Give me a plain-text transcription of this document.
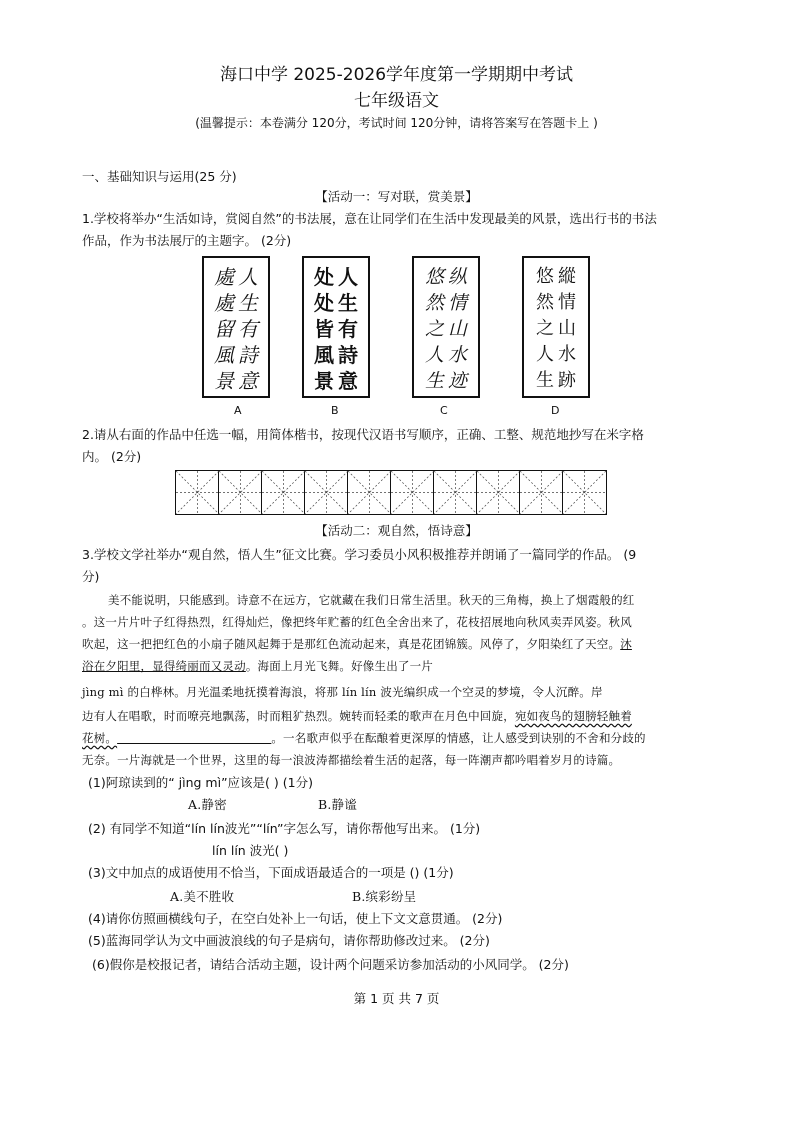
海口中学 2025-2026学年度第一学期期中考试
七年级语文
(温馨提示：本卷满分 120分，考试时间 120分钟，请将答案写在答题卡上 )
一、基础知识与运用(25 分)
【活动一：写对联，赏美景】
1.学校将举办“生活如诗，赏阅自然”的书法展，意在让同学们在生活中发现最美的风景，选出行书的书法
作品，作为书法展厅的主题字。 (2分)
人
生
有
詩
意
處
處
留
風
景
人
生
有
詩
意
处
处
皆
風
景
纵
情
山
水
迹
悠
然
之
人
生
縱
情
山
水
跡
悠
然
之
人
生
A	B	C	D
2.请从右面的作品中任选一幅，用简体楷书，按现代汉语书写顺序，正确、工整、规范地抄写在米字格
内。 (2分)
【活动二：观自然，悟诗意】
3.学校文学社举办“观自然，悟人生”征文比赛。学习委员小风积极推荐并朗诵了一篇同学的作品。 (9
分)
美不能说明，只能感到。诗意不在远方，它就藏在我们日常生活里。秋天的三角梅，换上了烟霞般的红
。这一片片叶子红得热烈，红得灿烂，像把终年贮蓄的红色全舍出来了，花枝招展地向秋风卖弄风姿。秋风
吹起，这一把把红色的小扇子随风起舞于是那红色流动起来，真是花团锦簇。风停了，夕阳染红了天空。沐
浴在夕阳里，显得绮丽而又灵动。海面上月光飞舞。好像生出了一片
jìng mì 的白桦林。月光温柔地抚摸着海浪，将那 lín lín 波光编织成一个空灵的梦境，令人沉醉。岸
边有人在唱歌，时而嘹亮地飘荡，时而粗犷热烈。婉转而轻柔的歌声在月色中回旋，宛如夜鸟的翅膀轻触着
花树。	。一名歌声似乎在酝酿着更深厚的情感，让人感受到诀别的不舍和分歧的
无奈。一片海就是一个世界，这里的每一浪波涛都描绘着生活的起落，每一阵潮声都吟唱着岁月的诗篇。
(1)阿琼读到的“ jìng mì”应该是( ) (1分)
A.静密	B.静谧
(2) 有同学不知道“lín lín波光”“lín”字怎么写，请你帮他写出来。 (1分)
lín lín 波光( )
(3)文中加点的成语使用不恰当，下面成语最适合的一项是 () (1分)
A.美不胜收	B.缤彩纷呈
(4)请你仿照画横线句子，在空白处补上一句话，使上下文文意贯通。 (2分)
(5)蓝海同学认为文中画波浪线的句子是病句，请你帮助修改过来。 (2分)
(6)假你是校报记者，请结合活动主题，设计两个问题采访参加活动的小风同学。 (2分)
第 1 页 共 7 页
